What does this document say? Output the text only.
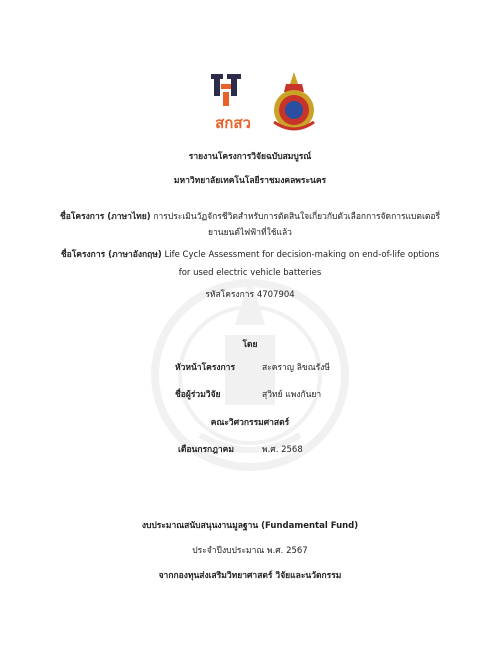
สกสว
รายงานโครงการวิจัยฉบับสมบูรณ์
มหาวิทยาลัยเทคโนโลยีราชมงคลพระนคร
ชื่อโครงการ (ภาษาไทย) การประเมินวัฏจักรชีวิตสำหรับการตัดสินใจเกี่ยวกับตัวเลือกการจัดการแบตเตอรี่
ยานยนต์ไฟฟ้าที่ใช้แล้ว
ชื่อโครงการ (ภาษาอังกฤษ) Life Cycle Assessment for decision-making on end-of-life options
for used electric vehicle batteries
รหัสโครงการ 4707904
โดย
หัวหน้าโครงการ	สะคราญ ลิขณรังษี
ชื่อผู้ร่วมวิจัย	สุวิทย์ แพงกันยา
คณะวิศวกรรมศาสตร์
เดือนกรกฎาคม	พ.ศ. 2568
งบประมาณสนับสนุนงานมูลฐาน (Fundamental Fund)
ประจำปีงบประมาณ พ.ศ. 2567
จากกองทุนส่งเสริมวิทยาศาสตร์ วิจัยและนวัตกรรม
